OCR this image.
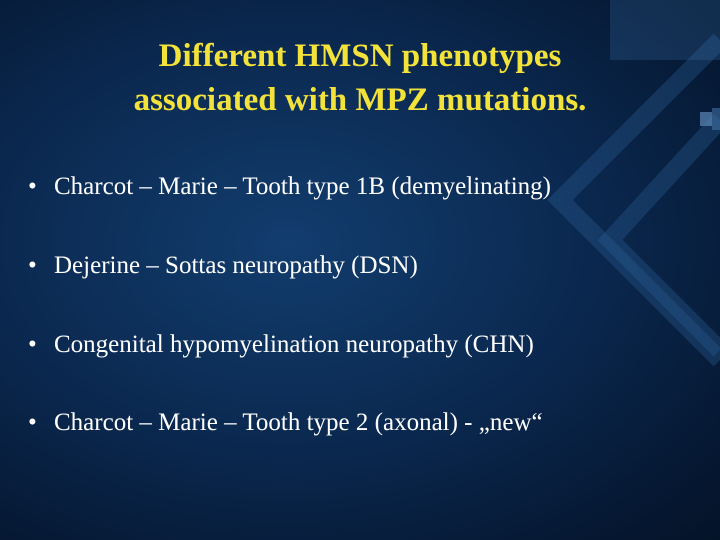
Different HMSN phenotypes
associated with MPZ mutations.
• Charcot – Marie – Tooth type 1B (demyelinating)
• Dejerine – Sottas neuropathy (DSN)
• Congenital hypomyelination neuropathy (CHN)
• Charcot – Marie – Tooth type 2 (axonal) - „new“
